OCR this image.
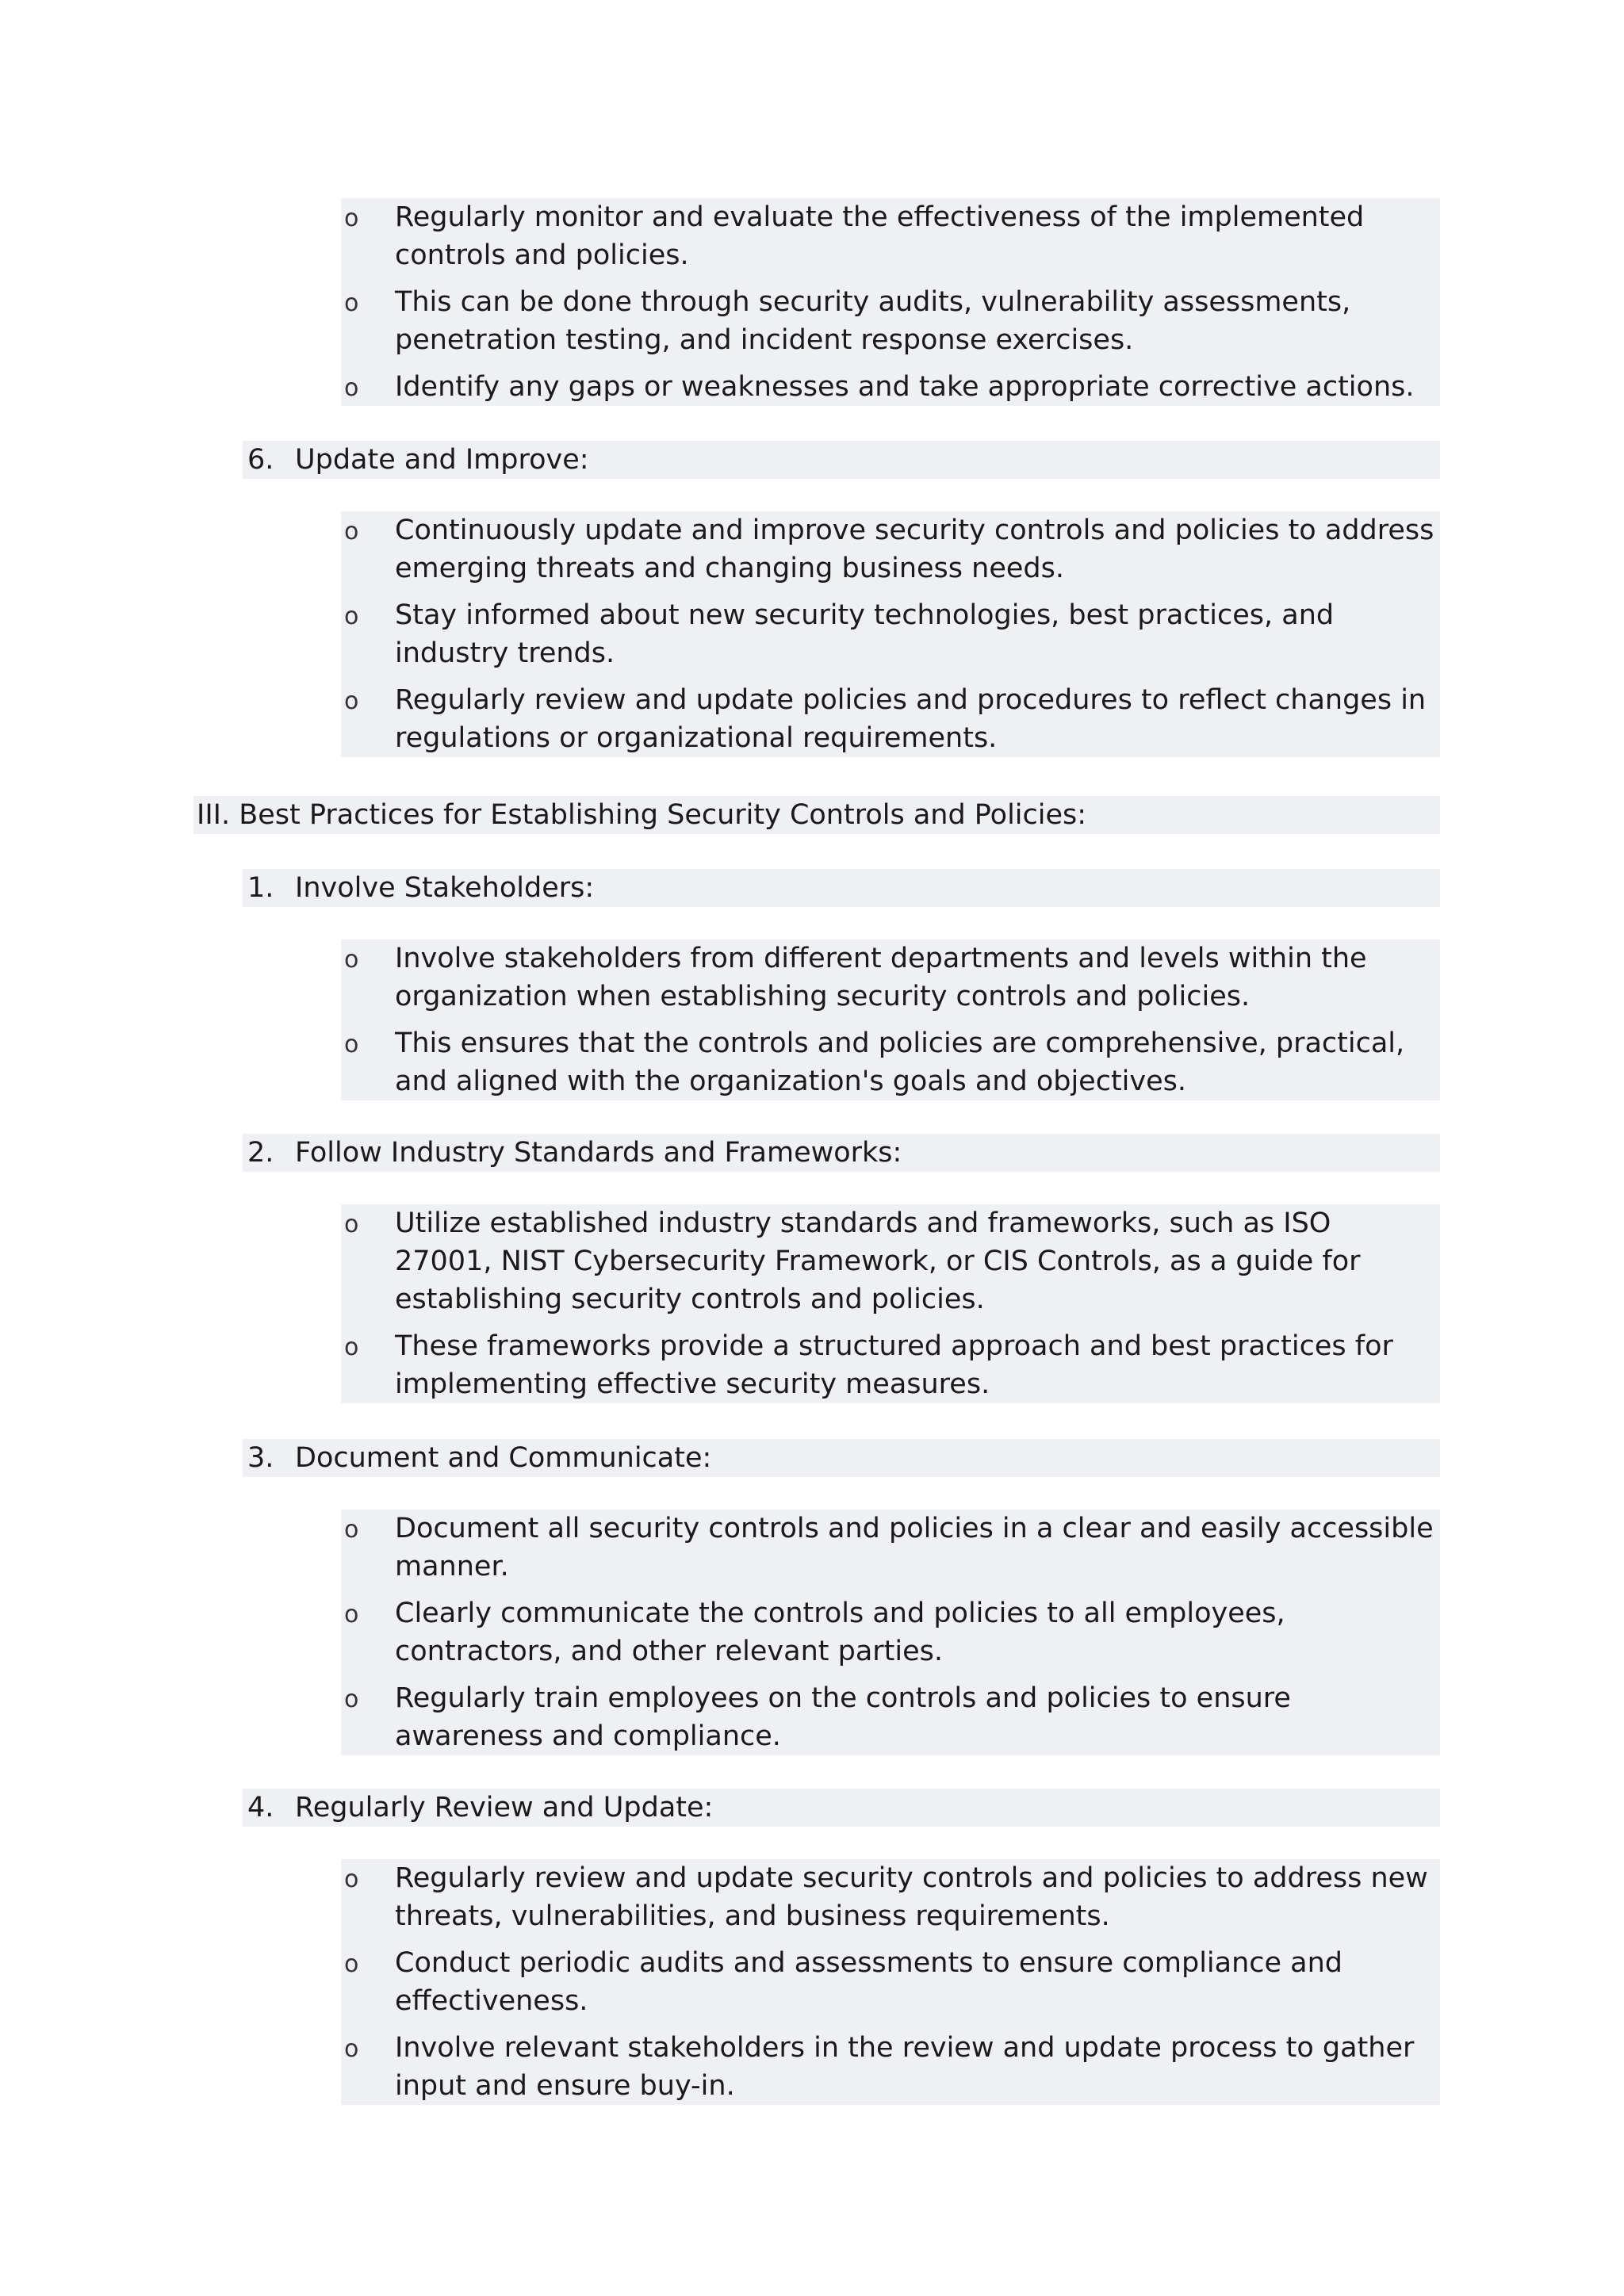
o Regularly monitor and evaluate the effectiveness of the implemented controls and policies.
o This can be done through security audits, vulnerability assessments, penetration testing, and incident response exercises.
o Identify any gaps or weaknesses and take appropriate corrective actions.
6. Update and Improve:
o Continuously update and improve security controls and policies to address emerging threats and changing business needs.
o Stay informed about new security technologies, best practices, and industry trends.
o Regularly review and update policies and procedures to reflect changes in regulations or organizational requirements.
III. Best Practices for Establishing Security Controls and Policies:
1. Involve Stakeholders:
o Involve stakeholders from different departments and levels within the organization when establishing security controls and policies.
o This ensures that the controls and policies are comprehensive, practical, and aligned with the organization's goals and objectives.
2. Follow Industry Standards and Frameworks:
o Utilize established industry standards and frameworks, such as ISO 27001, NIST Cybersecurity Framework, or CIS Controls, as a guide for establishing security controls and policies.
o These frameworks provide a structured approach and best practices for implementing effective security measures.
3. Document and Communicate:
o Document all security controls and policies in a clear and easily accessible manner.
o Clearly communicate the controls and policies to all employees, contractors, and other relevant parties.
o Regularly train employees on the controls and policies to ensure awareness and compliance.
4. Regularly Review and Update:
o Regularly review and update security controls and policies to address new threats, vulnerabilities, and business requirements.
o Conduct periodic audits and assessments to ensure compliance and effectiveness.
o Involve relevant stakeholders in the review and update process to gather input and ensure buy-in.
